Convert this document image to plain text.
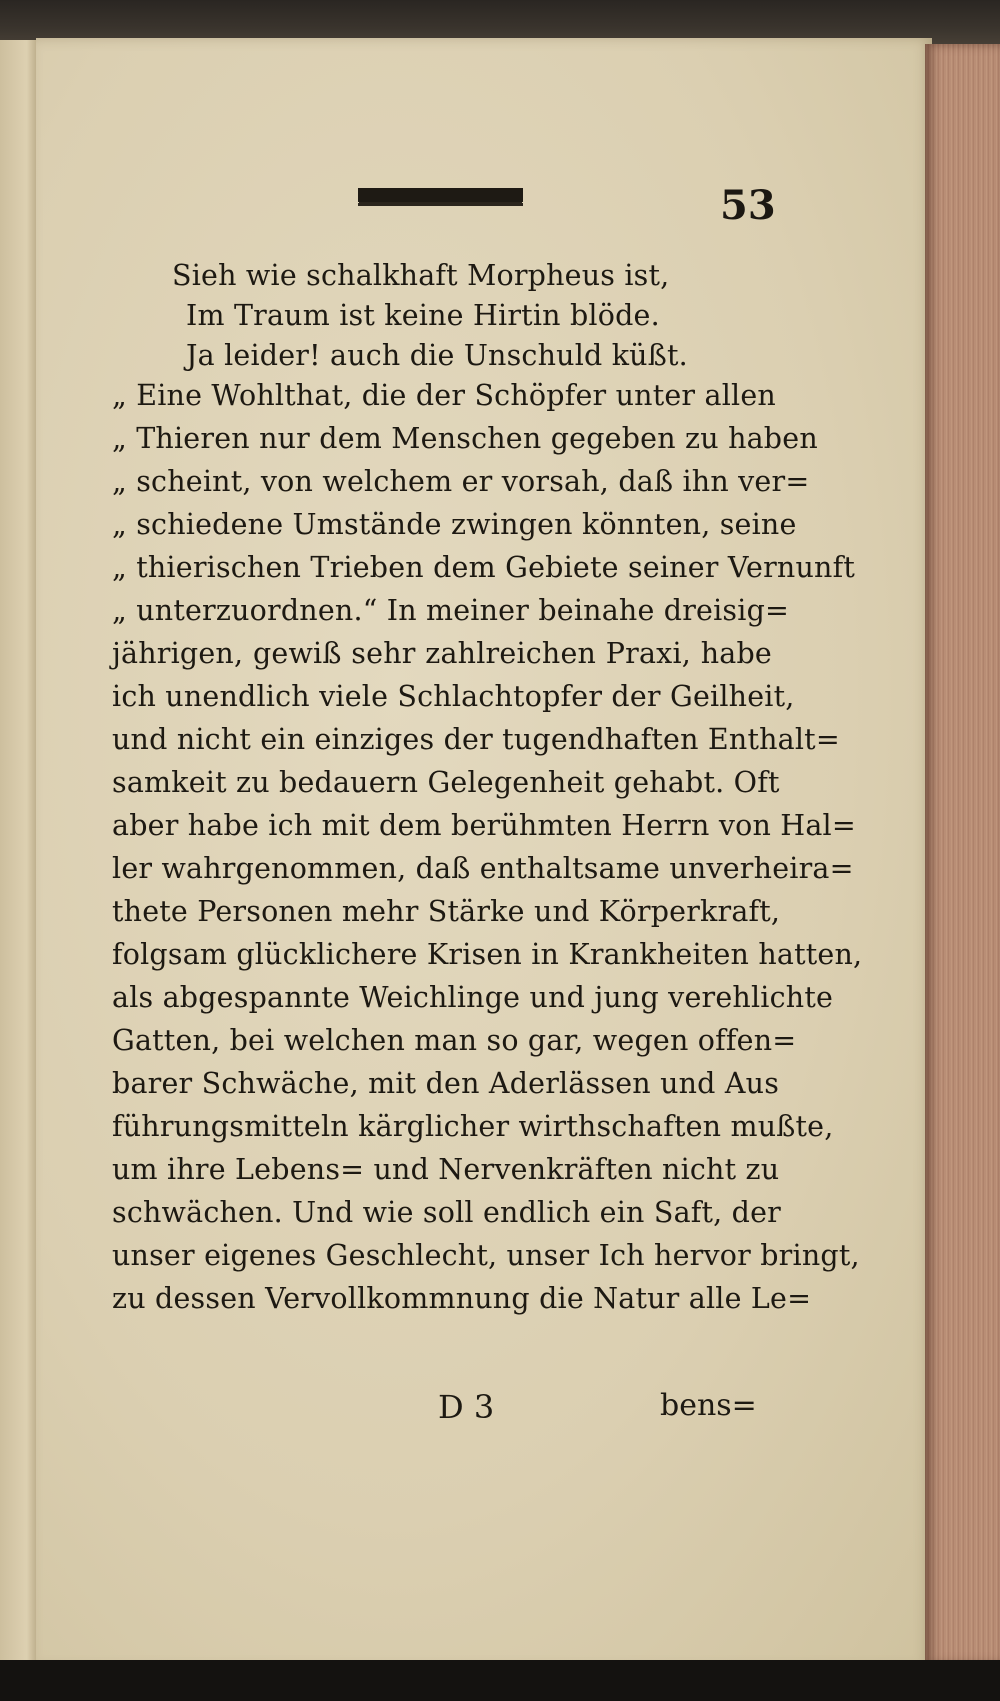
53
Sieh wie schalkhaft Morpheus ist,
Im Traum ist keine Hirtin blöde.
Ja leider! auch die Unschuld küßt.
„ Eine Wohlthat, die der Schöpfer unter allen
„ Thieren nur dem Menschen gegeben zu haben
„ scheint, von welchem er vorsah, daß ihn ver=
„ schiedene Umstände zwingen könnten, seine
„ thierischen Trieben dem Gebiete seiner Vernunft
„ unterzuordnen.“ In meiner beinahe dreisig=
jährigen, gewiß sehr zahlreichen Praxi, habe
ich unendlich viele Schlachtopfer der Geilheit,
und nicht ein einziges der tugendhaften Enthalt=
samkeit zu bedauern Gelegenheit gehabt. Oft
aber habe ich mit dem berühmten Herrn von Hal=
ler wahrgenommen, daß enthaltsame unverheira=
thete Personen mehr Stärke und Körperkraft,
folgsam glücklichere Krisen in Krankheiten hatten,
als abgespannte Weichlinge und jung verehlichte
Gatten, bei welchen man so gar, wegen offen=
barer Schwäche, mit den Aderlässen und Aus
führungsmitteln kärglicher wirthschaften mußte,
um ihre Lebens= und Nervenkräften nicht zu
schwächen. Und wie soll endlich ein Saft, der
unser eigenes Geschlecht, unser Ich hervor bringt,
zu dessen Vervollkommnung die Natur alle Le=
D 3	bens=
